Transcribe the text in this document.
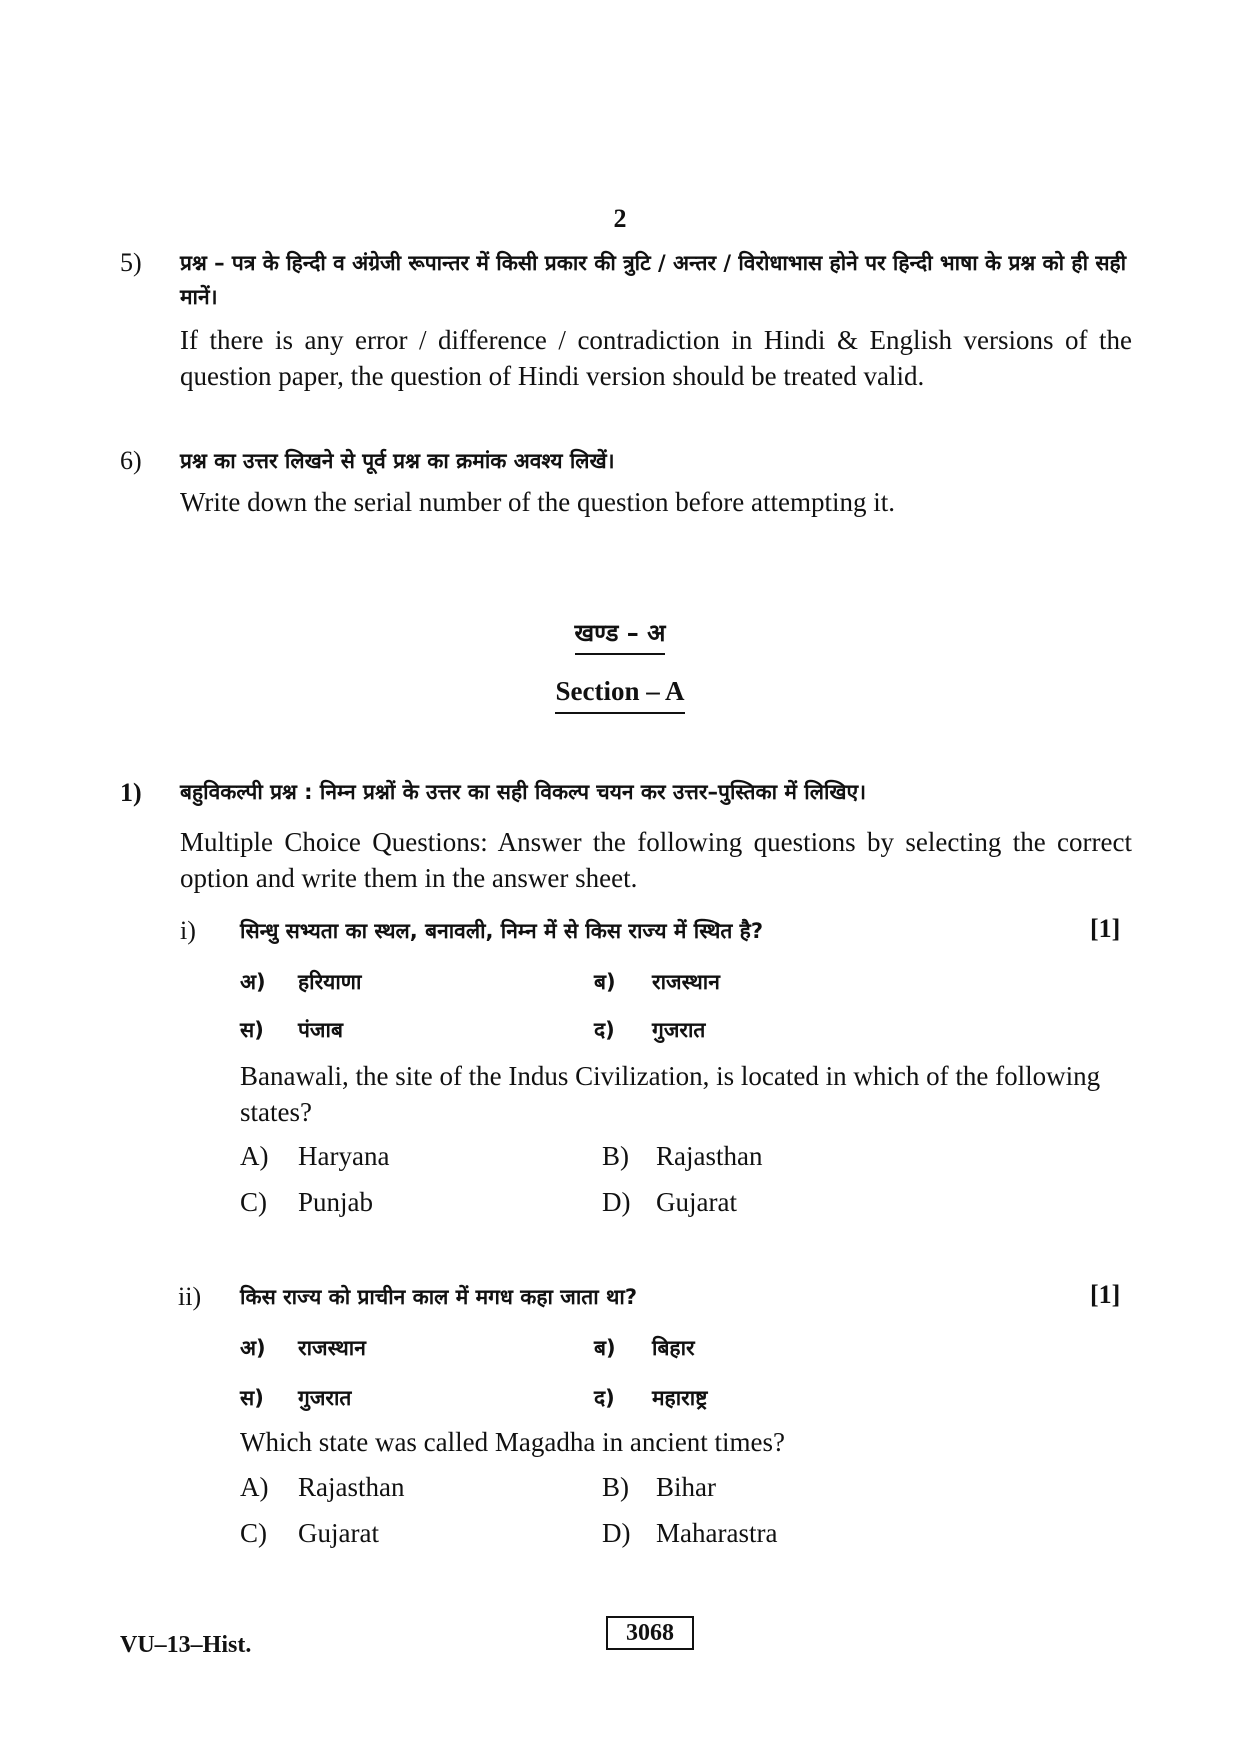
2
5) प्रश्न – पत्र के हिन्दी व अंग्रेजी रूपान्तर में किसी प्रकार की त्रुटि / अन्तर / विरोधाभास होने पर हिन्दी भाषा के प्रश्न को ही सही मानें।
If there is any error / difference / contradiction in Hindi & English versions of the question paper, the question of Hindi version should be treated valid.
6) प्रश्न का उत्तर लिखने से पूर्व प्रश्न का क्रमांक अवश्य लिखें।
Write down the serial number of the question before attempting it.
खण्ड – अ
Section – A
1) बहुविकल्पी प्रश्न : निम्न प्रश्नों के उत्तर का सही विकल्प चयन कर उत्तर–पुस्तिका में लिखिए।
Multiple Choice Questions: Answer the following questions by selecting the correct option and write them in the answer sheet.
i) सिन्धु सभ्यता का स्थल, बनावली, निम्न में से किस राज्य में स्थित है?	[1]
अ) हरियाणा	ब) राजस्थान
स) पंजाब	द) गुजरात
Banawali, the site of the Indus Civilization, is located in which of the following states?
A) Haryana	B) Rajasthan
C) Punjab	D) Gujarat
ii) किस राज्य को प्राचीन काल में मगध कहा जाता था?	[1]
अ) राजस्थान	ब) बिहार
स) गुजरात	द) महाराष्ट्र
Which state was called Magadha in ancient times?
A) Rajasthan	B) Bihar
C) Gujarat	D) Maharastra
VU–13–Hist.	3068
